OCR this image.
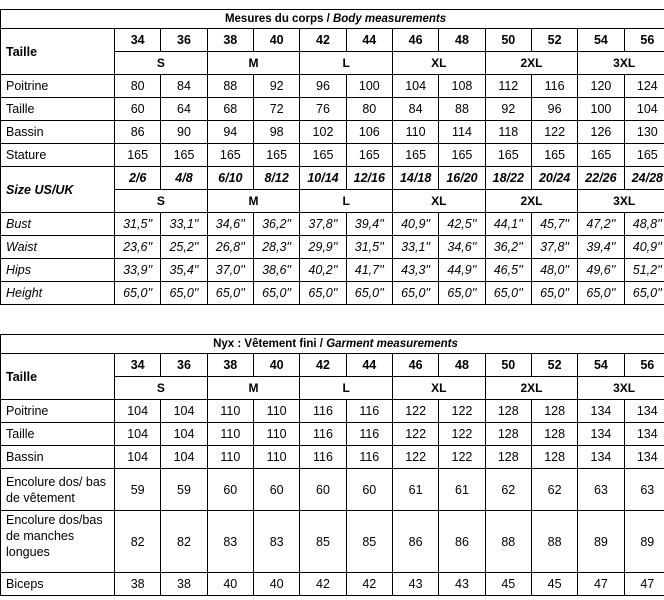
Mesures du corps / Body measurements												
Taille	34	36	38	40	42	44	46	48	50	52	54	56
	S		M		L		XL		2XL		3XL	
Poitrine	80	84	88	92	96	100	104	108	112	116	120	124
Taille	60	64	68	72	76	80	84	88	92	96	100	104
Bassin	86	90	94	98	102	106	110	114	118	122	126	130
Stature	165	165	165	165	165	165	165	165	165	165	165	165
Size US/UK	2/6	4/8	6/10	8/12	10/14	12/16	14/18	16/20	18/22	20/24	22/26	24/28
	S		M		L		XL		2XL		3XL	
Bust	31,5''	33,1''	34,6''	36,2''	37,8''	39,4''	40,9''	42,5''	44,1''	45,7''	47,2''	48,8''
Waist	23,6''	25,2''	26,8''	28,3''	29,9''	31,5''	33,1''	34,6''	36,2''	37,8''	39,4''	40,9''
Hips	33,9''	35,4''	37,0''	38,6''	40,2''	41,7''	43,3''	44,9''	46,5''	48,0''	49,6''	51,2''
Height	65,0''	65,0''	65,0''	65,0''	65,0''	65,0''	65,0''	65,0''	65,0''	65,0''	65,0''	65,0''
Nyx : Vêtement fini / Garment measurements												
Taille	34	36	38	40	42	44	46	48	50	52	54	56
	S		M		L		XL		2XL		3XL	
Poitrine	104	104	110	110	116	116	122	122	128	128	134	134
Taille	104	104	110	110	116	116	122	122	128	128	134	134
Bassin	104	104	110	110	116	116	122	122	128	128	134	134
Encolure dos/ bas de vêtement	59	59	60	60	60	60	61	61	62	62	63	63

Encolure dos/bas de manches longues	82	82	83	83	85	85	86	86	88	88	89	89
Biceps	38	38	40	40	42	42	43	43	45	45	47	47
